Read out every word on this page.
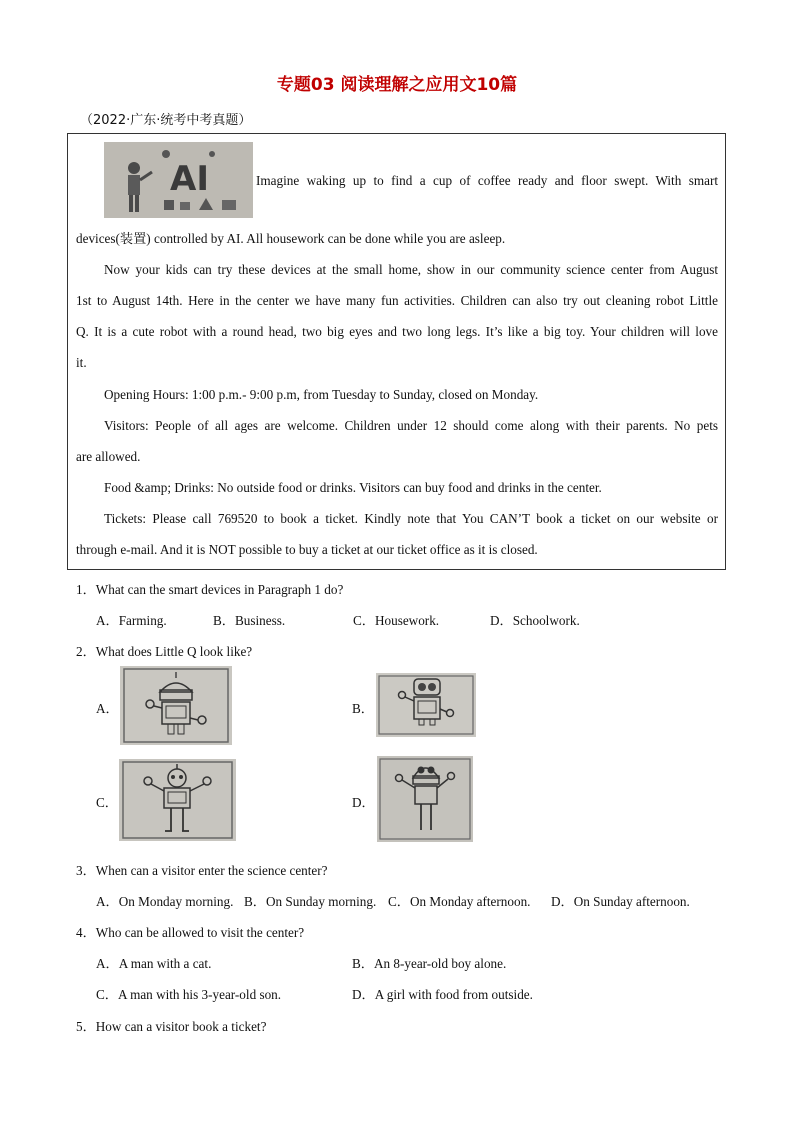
专题03 阅读理解之应用文10篇
（2022·广东·统考中考真题）
AI	Imagine waking up to find a cup of coffee ready and floor swept. With smart
devices(装置) controlled by AI. All housework can be done while you are asleep.
Now your kids can try these devices at the small home, show in our community science center from August
1st to August 14th. Here in the center we have many fun activities. Children can also try out cleaning robot Little
Q. It is a cute robot with a round head, two big eyes and two long legs. It’s like a big toy. Your children will love
it.
Opening Hours: 1:00 p.m.- 9:00 p.m, from Tuesday to Sunday, closed on Monday.
Visitors: People of all ages are welcome. Children under 12 should come along with their parents. No pets
are allowed.
Food &amp; Drinks: No outside food or drinks. Visitors can buy food and drinks in the center.
Tickets: Please call 769520 to book a ticket. Kindly note that You CAN’T book a ticket on our website or
through e-mail. And it is NOT possible to buy a ticket at our ticket office as it is closed.
1．What can the smart devices in Paragraph 1 do?
A．Farming.	B．Business.	C．Housework.	D．Schoolwork.
2．What does Little Q look like?
A．	B．
C．	D．
3．When can a visitor enter the science center?
A．On Monday morning. B．On Sunday morning. C．On Monday afternoon. D．On Sunday afternoon.
4．Who can be allowed to visit the center?
A．A man with a cat.	B．An 8-year-old boy alone.
C．A man with his 3-year-old son.	D．A girl with food from outside.
5．How can a visitor book a ticket?
